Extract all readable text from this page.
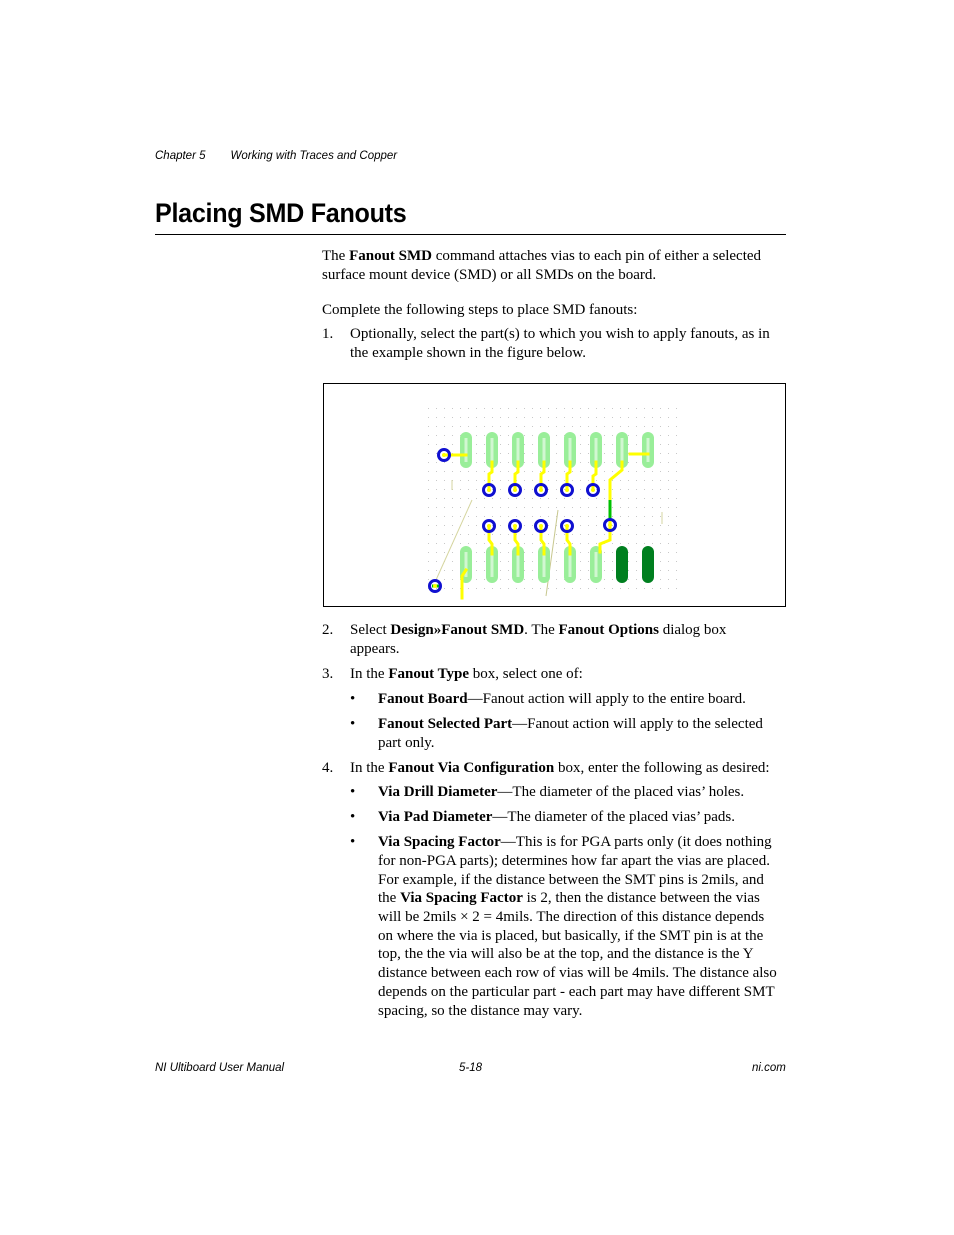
Chapter 5 Working with Traces and Copper
Placing SMD Fanouts
The Fanout SMD command attaches vias to each pin of either a selected
surface mount device (SMD) or all SMDs on the board.
Complete the following steps to place SMD fanouts:
1. Optionally, select the part(s) to which you wish to apply fanouts, as in
the example shown in the figure below.
2. Select Design»Fanout SMD. The Fanout Options dialog box
appears.
3. In the Fanout Type box, select one of:
• Fanout Board—Fanout action will apply to the entire board.
• Fanout Selected Part—Fanout action will apply to the selected
part only.
4. In the Fanout Via Configuration box, enter the following as desired:
• Via Drill Diameter—The diameter of the placed vias’ holes.
• Via Pad Diameter—The diameter of the placed vias’ pads.
• Via Spacing Factor—This is for PGA parts only (it does nothing
for non-PGA parts); determines how far apart the vias are placed.
For example, if the distance between the SMT pins is 2mils, and
the Via Spacing Factor is 2, then the distance between the vias
will be 2mils × 2 = 4mils. The direction of this distance depends
on where the via is placed, but basically, if the SMT pin is at the
top, the the via will also be at the top, and the distance is the Y
distance between each row of vias will be 4mils. The distance also
depends on the particular part - each part may have different SMT
spacing, so the distance may vary.
NI Ultiboard User Manual	5-18	ni.com
